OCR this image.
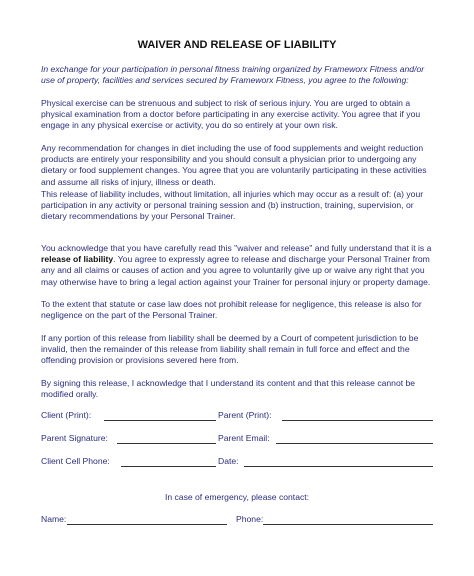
WAIVER AND RELEASE OF LIABILITY

In exchange for your participation in personal fitness training organized by Frameworx Fitness and/or use of property, facilities and services secured by Frameworx Fitness, you agree to the following:

Physical exercise can be strenuous and subject to risk of serious injury. You are urged to obtain a physical examination from a doctor before participating in any exercise activity. You agree that if you engage in any physical exercise or activity, you do so entirely at your own risk.

Any recommendation for changes in diet including the use of food supplements and weight reduction products are entirely your responsibility and you should consult a physician prior to undergoing any dietary or food supplement changes. You agree that you are voluntarily participating in these activities and assume all risks of injury, illness or death.

This release of liability includes, without limitation, all injuries which may occur as a result of: (a) your participation in any activity or personal training session and (b) instruction, training, supervision, or dietary recommendations by your Personal Trainer.

You acknowledge that you have carefully read this "waiver and release" and fully understand that it is a release of liability. You agree to expressly agree to release and discharge your Personal Trainer from any and all claims or causes of action and you agree to voluntarily give up or waive any right that you may otherwise have to bring a legal action against your Trainer for personal injury or property damage.

To the extent that statute or case law does not prohibit release for negligence, this release is also for negligence on the part of the Personal Trainer.

If any portion of this release from liability shall be deemed by a Court of competent jurisdiction to be invalid, then the remainder of this release from liability shall remain in full force and effect and the offending provision or provisions severed here from.

By signing this release, I acknowledge that I understand its content and that this release cannot be modified orally.

Client (Print):	Parent (Print):
Parent Signature:	Parent Email:
Client Cell Phone:	Date:

In case of emergency, please contact:

Name:	Phone:
